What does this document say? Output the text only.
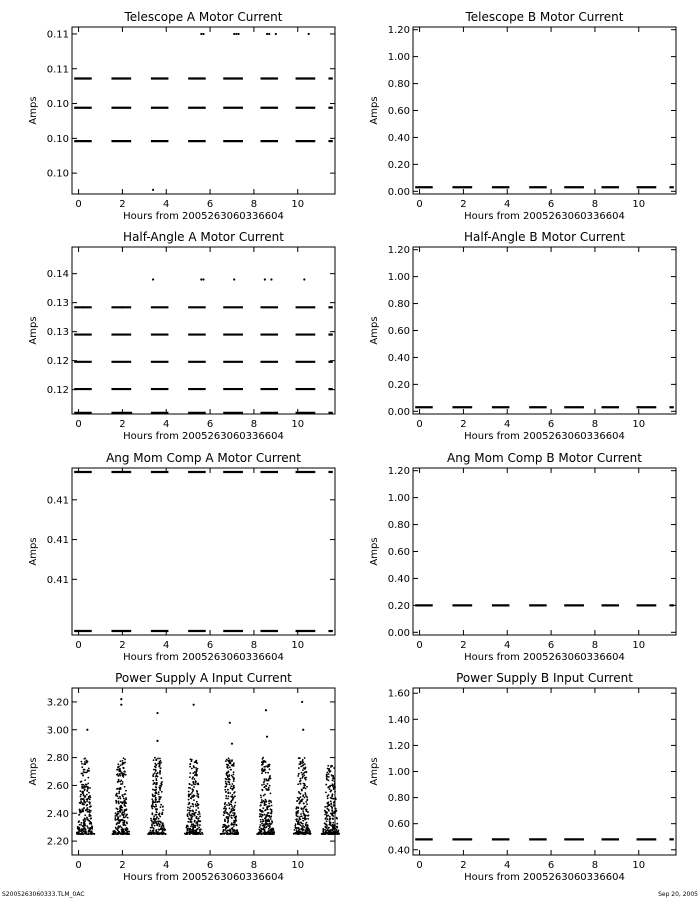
Telescope A Motor Current
0	2	4	6	8	10
0.11
0.11
0.10
0.10
0.10
Hours from 2005263060336604
Amps
Telescope B Motor Current
0	2	4	6	8	10
0.00
0.20
0.40
0.60
0.80
1.00
1.20
Hours from 2005263060336604
Amps
Half-Angle A Motor Current
0	2	4	6	8	10
0.14
0.13
0.13
0.12
0.12
Hours from 2005263060336604
Amps
Half-Angle B Motor Current
0	2	4	6	8	10
0.00
0.20
0.40
0.60
0.80
1.00
1.20
Hours from 2005263060336604
Amps
Ang Mom Comp A Motor Current
0	2	4	6	8	10
0.41
0.41
0.41
Hours from 2005263060336604
Amps
Ang Mom Comp B Motor Current
0	2	4	6	8	10
0.00
0.20
0.40
0.60
0.80
1.00
1.20
Hours from 2005263060336604
Amps
Power Supply A Input Current
0	2	4	6	8	10
2.20
2.40
2.60
2.80
3.00
3.20
Hours from 2005263060336604
Amps
Power Supply B Input Current
0	2	4	6	8	10
0.40
0.60
0.80
1.00
1.20
1.40
1.60
Hours from 2005263060336604
Amps
S2005263060333.TLM_0AC	Sep 20, 2005
